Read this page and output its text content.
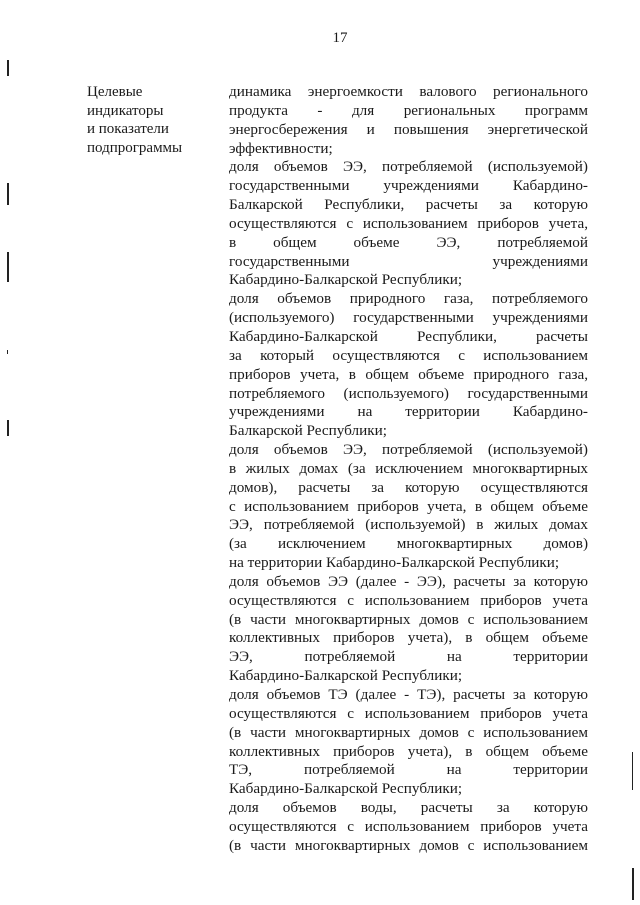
17
Целевые
индикаторы
и показатели
подпрограммы
динамика энергоемкости валового регионального
продукта - для региональных программ
энергосбережения и повышения энергетической
эффективности;
доля объемов ЭЭ, потребляемой (используемой)
государственными учреждениями Кабардино-
Балкарской Республики, расчеты за которую
осуществляются с использованием приборов учета,
в общем объеме ЭЭ, потребляемой
государственными учреждениями
Кабардино-Балкарской Республики;
доля объемов природного газа, потребляемого
(используемого) государственными учреждениями
Кабардино-Балкарской Республики, расчеты
за который осуществляются с использованием
приборов учета, в общем объеме природного газа,
потребляемого (используемого) государственными
учреждениями на территории Кабардино-
Балкарской Республики;
доля объемов ЭЭ, потребляемой (используемой)
в жилых домах (за исключением многоквартирных
домов), расчеты за которую осуществляются
с использованием приборов учета, в общем объеме
ЭЭ, потребляемой (используемой) в жилых домах
(за исключением многоквартирных домов)
на территории Кабардино-Балкарской Республики;
доля объемов ЭЭ (далее - ЭЭ), расчеты за которую
осуществляются с использованием приборов учета
(в части многоквартирных домов с использованием
коллективных приборов учета), в общем объеме
ЭЭ, потребляемой на территории
Кабардино-Балкарской Республики;
доля объемов ТЭ (далее - ТЭ), расчеты за которую
осуществляются с использованием приборов учета
(в части многоквартирных домов с использованием
коллективных приборов учета), в общем объеме
ТЭ, потребляемой на территории
Кабардино-Балкарской Республики;
доля объемов воды, расчеты за которую
осуществляются с использованием приборов учета
(в части многоквартирных домов с использованием
